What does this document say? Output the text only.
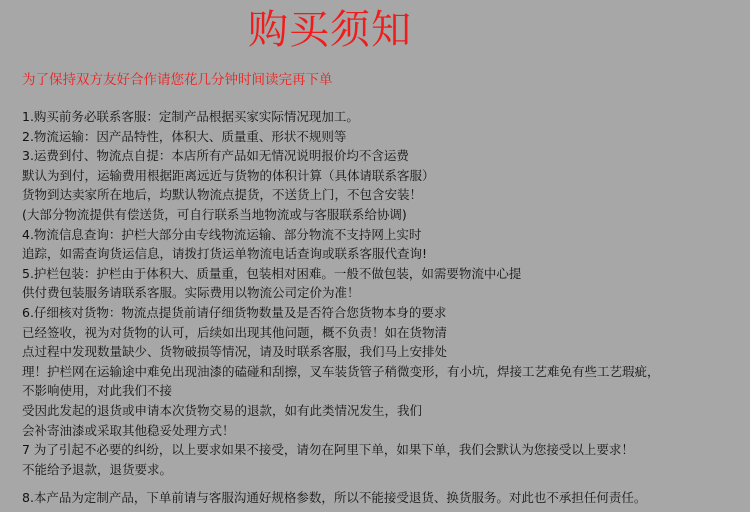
购买须知
为了保持双方友好合作请您花几分钟时间读完再下单
1.购买前务必联系客服：定制产品根据买家实际情况现加工。
2.物流运输：因产品特性，体积大、质量重、形状不规则等
3.运费到付、物流点自提：本店所有产品如无情况说明报价均不含运费
默认为到付，运输费用根据距离远近与货物的体积计算（具体请联系客服）
货物到达卖家所在地后，均默认物流点提货，不送货上门，不包含安装！
(大部分物流提供有偿送货，可自行联系当地物流或与客服联系给协调)
4.物流信息查询：护栏大部分由专线物流运输、部分物流不支持网上实时
追踪，如需查询货运信息，请拨打货运单物流电话查询或联系客服代查询!
5.护栏包装：护栏由于体积大、质量重，包装相对困难。一般不做包装，如需要物流中心提
供付费包装服务请联系客服。实际费用以物流公司定价为准！
6.仔细核对货物：物流点提货前请仔细货物数量及是否符合您货物本身的要求
已经签收，视为对货物的认可，后续如出现其他问题，概不负责！如在货物清
点过程中发现数量缺少、货物破损等情况，请及时联系客服，我们马上安排处
理！护栏网在运输途中难免出现油漆的磕碰和刮擦，叉车装货管子稍微变形，有小坑，焊接工艺难免有些工艺瑕疵，
不影响使用，对此我们不接
受因此发起的退货或申请本次货物交易的退款，如有此类情况发生，我们
会补寄油漆或采取其他稳妥处理方式！
7 为了引起不必要的纠纷，以上要求如果不接受，请勿在阿里下单，如果下单，我们会默认为您接受以上要求！
不能给予退款，退货要求。
8.本产品为定制产品，下单前请与客服沟通好规格参数，所以不能接受退货、换货服务。对此也不承担任何责任。
